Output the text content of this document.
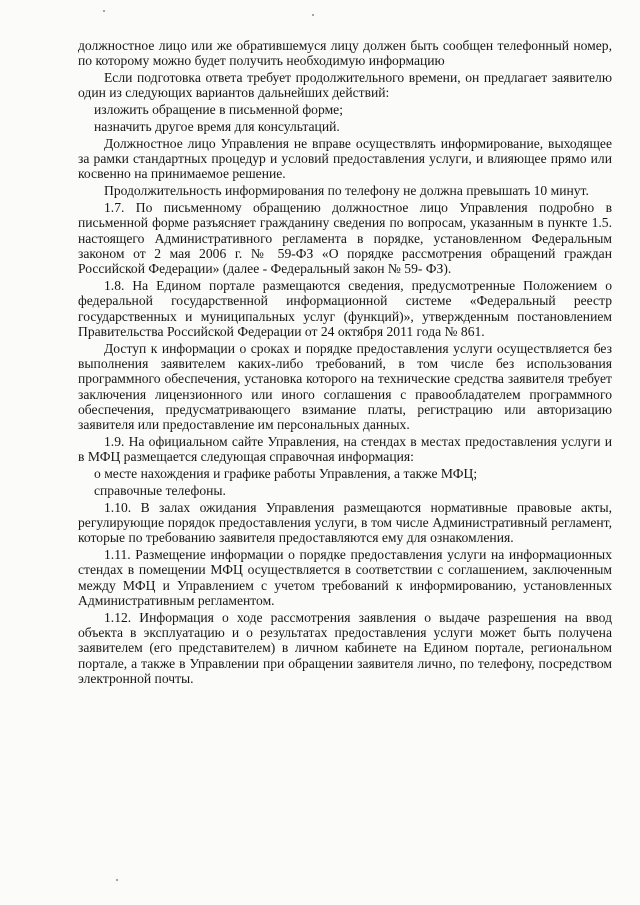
должностное лицо или же обратившемуся лицу должен быть сообщен телефонный номер, по которому можно будет получить необходимую информацию

Если подготовка ответа требует продолжительного времени, он предлагает заявителю один из следующих вариантов дальнейших действий:

изложить обращение в письменной форме;

назначить другое время для консультаций.

Должностное лицо Управления не вправе осуществлять информирование, выходящее за рамки стандартных процедур и условий предоставления услуги, и влияющее прямо или косвенно на принимаемое решение.

Продолжительность информирования по телефону не должна превышать 10 минут.

1.7. По письменному обращению должностное лицо Управления подробно в письменной форме разъясняет гражданину сведения по вопросам, указанным в пункте 1.5. настоящего Административного регламента в порядке, установленном Федеральным законом от 2 мая 2006 г. № 59-ФЗ «О порядке рассмотрения обращений граждан Российской Федерации» (далее - Федеральный закон № 59- ФЗ).

1.8. На Едином портале размещаются сведения, предусмотренные Положением о федеральной государственной информационной системе «Федеральный реестр государственных и муниципальных услуг (функций)», утвержденным постановлением Правительства Российской Федерации от 24 октября 2011 года № 861.

Доступ к информации о сроках и порядке предоставления услуги осуществляется без выполнения заявителем каких-либо требований, в том числе без использования программного обеспечения, установка которого на технические средства заявителя требует заключения лицензионного или иного соглашения с правообладателем программного обеспечения, предусматривающего взимание платы, регистрацию или авторизацию заявителя или предоставление им персональных данных.

1.9. На официальном сайте Управления, на стендах в местах предоставления услуги и в МФЦ размещается следующая справочная информация:

о месте нахождения и графике работы Управления, а также МФЦ;

справочные телефоны.

1.10. В залах ожидания Управления размещаются нормативные правовые акты, регулирующие порядок предоставления услуги, в том числе Административный регламент, которые по требованию заявителя предоставляются ему для ознакомления.

1.11. Размещение информации о порядке предоставления услуги на информационных стендах в помещении МФЦ осуществляется в соответствии с соглашением, заключенным между МФЦ и Управлением с учетом требований к информированию, установленных Административным регламентом.

1.12. Информация о ходе рассмотрения заявления о выдаче разрешения на ввод объекта в эксплуатацию и о результатах предоставления услуги может быть получена заявителем (его представителем) в личном кабинете на Едином портале, региональном портале, а также в Управлении при обращении заявителя лично, по телефону, посредством электронной почты.
